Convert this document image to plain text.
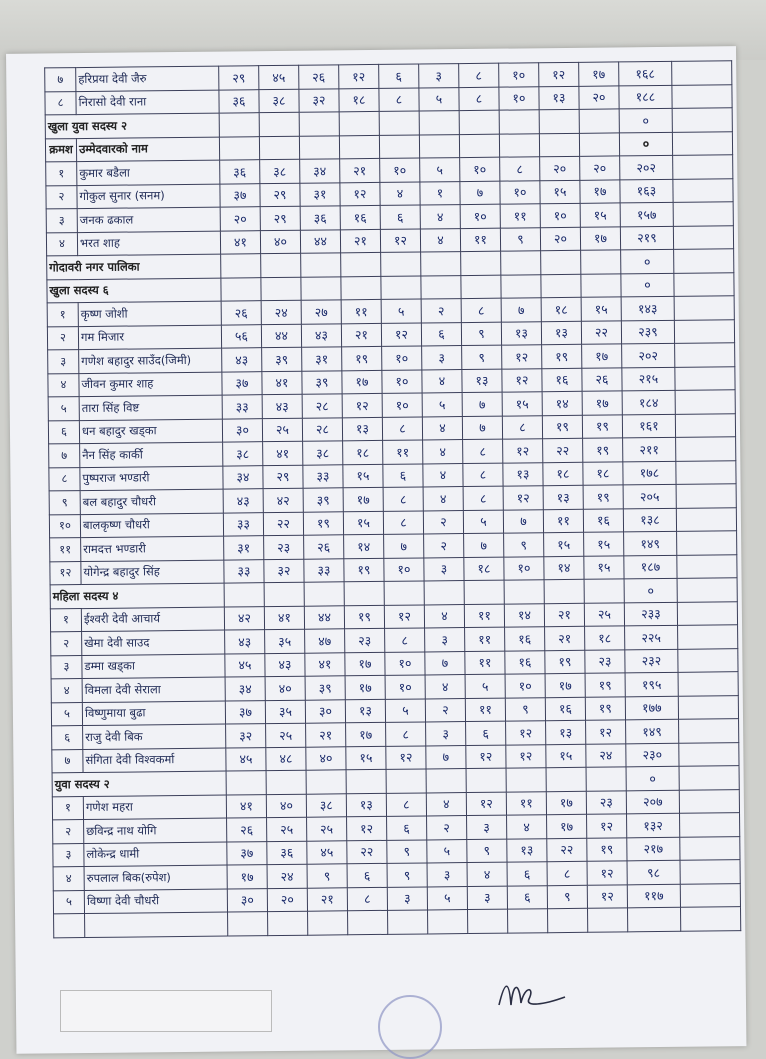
७	हरिप्रया देवी जैरु	२९	४५	२६	१२	६	३	८	१०	१२	१७	१६८	
८	निरासो देवी राना	३६	३८	३२	१८	८	५	८	१०	१३	२०	१८८	
खुला युवा सदस्य २												०	
क्रमश	उम्मेदवारको नाम											०	
१	कुमार बडैला	३६	३८	३४	२१	१०	५	१०	८	२०	२०	२०२	
२	गोकुल सुनार (सनम)	३७	२९	३१	१२	४	१	७	१०	१५	१७	१६३	
३	जनक ढकाल	२०	२९	३६	१६	६	४	१०	११	१०	१५	१५७	
४	भरत शाह	४१	४०	४४	२१	१२	४	११	९	२०	१७	२१९	
गोदावरी नगर पालिका												०	
खुला सदस्य ६												०	
१	कृष्ण जोशी	२६	२४	२७	११	५	२	८	७	१८	१५	१४३	
२	गम मिजार	५६	४४	४३	२१	१२	६	९	१३	१३	२२	२३९	
३	गणेश बहादुर साउँद(जिमी)	४३	३९	३१	१९	१०	३	९	१२	१९	१७	२०२	
४	जीवन कुमार शाह	३७	४१	३९	१७	१०	४	१३	१२	१६	२६	२१५	
५	तारा सिंह विष्ट	३३	४३	२८	१२	१०	५	७	१५	१४	१७	१८४	
६	धन बहादुर खड्का	३०	२५	२८	१३	८	४	७	८	१९	१९	१६१	
७	नैन सिंह कार्की	३८	४१	३८	१८	११	४	८	१२	२२	१९	२११	
८	पुष्पराज भण्डारी	३४	२९	३३	१५	६	४	८	१३	१८	१८	१७८	
९	बल बहादुर चौधरी	४३	४२	३९	१७	८	४	८	१२	१३	१९	२०५	
१०	बालकृष्ण चौधरी	३३	२२	१९	१५	८	२	५	७	११	१६	१३८	
११	रामदत्त भण्डारी	३१	२३	२६	१४	७	२	७	९	१५	१५	१४९	
१२	योगेन्द्र बहादुर सिंह	३३	३२	३३	१९	१०	३	१८	१०	१४	१५	१८७	
महिला सदस्य ४												०	
१	ईश्वरी देवी आचार्य	४२	४१	४४	१९	१२	४	११	१४	२१	२५	२३३	
२	खेमा देवी साउद	४३	३५	४७	२३	८	३	११	१६	२१	१८	२२५	
३	डम्मा खड्का	४५	४३	४१	१७	१०	७	११	१६	१९	२३	२३२	
४	विमला देवी सेराला	३४	४०	३९	१७	१०	४	५	१०	१७	१९	१९५	
५	विष्णुमाया बुढा	३७	३५	३०	१३	५	२	११	९	१६	१९	१७७	
६	राजु देवी बिक	३२	२५	२१	१७	८	३	६	१२	१३	१२	१४९	
७	संगिता देवी विश्वकर्मा	४५	४८	४०	१५	१२	७	१२	१२	१५	२४	२३०	
युवा सदस्य २												०	
१	गणेश महरा	४१	४०	३८	१३	८	४	१२	११	१७	२३	२०७	
२	छविन्द्र नाथ योगि	२६	२५	२५	१२	६	२	३	४	१७	१२	१३२	
३	लोकेन्द्र धामी	३७	३६	४५	२२	९	५	९	१३	२२	१९	२१७	
४	रुपलाल बिक(रुपेश)	१७	२४	९	६	९	३	४	६	८	१२	९८	
५	विष्णा देवी चौधरी	३०	२०	२१	८	३	५	३	६	९	१२	११७	
